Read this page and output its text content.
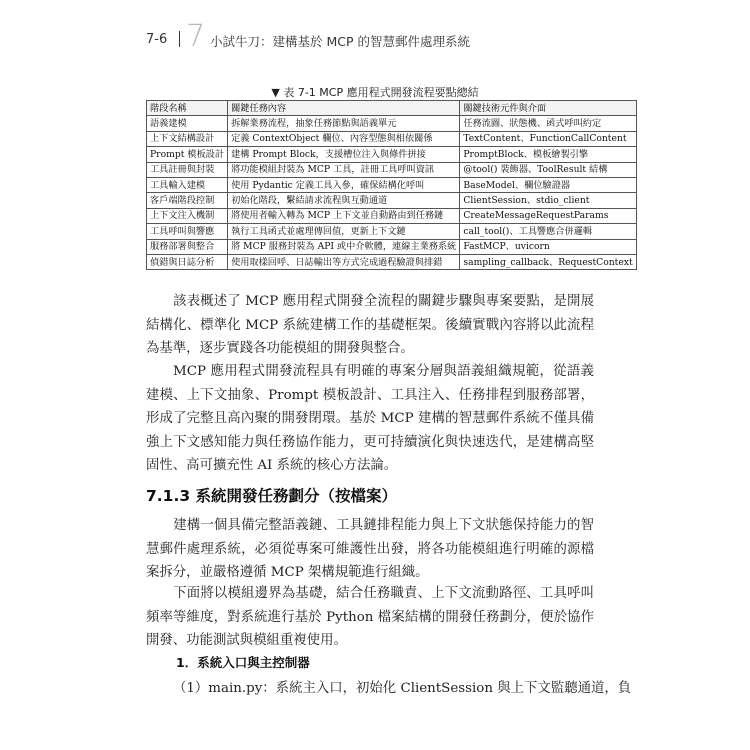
7-6 7 小試牛刀：建構基於 MCP 的智慧郵件處理系統
▼ 表 7-1 MCP 應用程式開發流程要點總結
階段名稱	關鍵任務內容	關鍵技術元件與介面
語義建模	拆解業務流程，抽象任務節點與語義單元	任務流圖、狀態機、函式呼叫約定
上下文結構設計	定義 ContextObject 欄位、內容型態與相依關係	TextContent、FunctionCallContent
Prompt 模板設計	建構 Prompt Block，支援槽位注入與條件拼接	PromptBlock、模板繪製引擎
工具註冊與封裝	將功能模組封裝為 MCP 工具，註冊工具呼叫資訊	@tool() 裝飾器、ToolResult 結構
工具輸入建模	使用 Pydantic 定義工具入參，確保結構化呼叫	BaseModel、欄位驗證器
客戶端階段控制	初始化階段，繫結請求流程與互動通道	ClientSession、stdio_client
上下文注入機制	將使用者輸入轉為 MCP 上下文並自動路由到任務鏈	CreateMessageRequestParams
工具呼叫與響應	執行工具函式並處理傳回值，更新上下文鏈	call_tool()、工具響應合併邏輯
服務部署與整合	將 MCP 服務封裝為 API 或中介軟體，連線主業務系統	FastMCP、uvicorn
偵錯與日誌分析	使用取樣回呼、日誌輸出等方式完成過程驗證與排錯	sampling_callback、RequestContext

該表概述了 MCP 應用程式開發全流程的關鍵步驟與專案要點，是開展結構化、標準化 MCP 系統建構工作的基礎框架。後續實戰內容將以此流程為基準，逐步實踐各功能模組的開發與整合。

MCP 應用程式開發流程具有明確的專案分層與語義組織規範，從語義建模、上下文抽象、Prompt 模板設計、工具注入、任務排程到服務部署，形成了完整且高內聚的開發閉環。基於 MCP 建構的智慧郵件系統不僅具備強上下文感知能力與任務協作能力，更可持續演化與快速迭代，是建構高堅固性、高可擴充性 AI 系統的核心方法論。

7.1.3 系統開發任務劃分（按檔案）

建構一個具備完整語義鏈、工具鏈排程能力與上下文狀態保持能力的智慧郵件處理系統，必須從專案可維護性出發，將各功能模組進行明確的源檔案拆分，並嚴格遵循 MCP 架構規範進行組織。

下面將以模組邊界為基礎，結合任務職責、上下文流動路徑、工具呼叫頻率等維度，對系統進行基於 Python 檔案結構的開發任務劃分，便於協作開發、功能測試與模組重複使用。

1．系統入口與主控制器

（1）main.py：系統主入口，初始化 ClientSession 與上下文監聽通道，負
